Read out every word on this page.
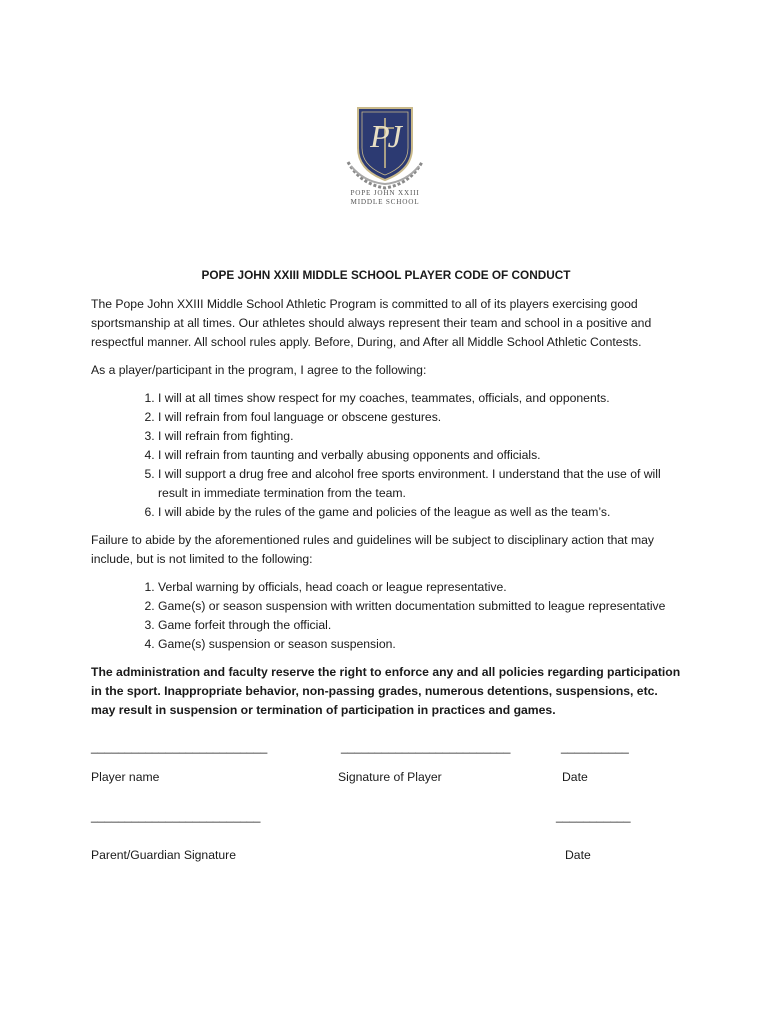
PJ
POPE JOHN XXIII
MIDDLE SCHOOL
POPE JOHN XXIII MIDDLE SCHOOL PLAYER CODE OF CONDUCT

The Pope John XXIII Middle School Athletic Program is committed to all of its players exercising good sportsmanship at all times. Our athletes should always represent their team and school in a positive and respectful manner. All school rules apply. Before, During, and After all Middle School Athletic Contests.

As a player/participant in the program, I agree to the following:

1. I will at all times show respect for my coaches, teammates, officials, and opponents.
2. I will refrain from foul language or obscene gestures.
3. I will refrain from fighting.
4. I will refrain from taunting and verbally abusing opponents and officials.
5. I will support a drug free and alcohol free sports environment. I understand that the use of will result in immediate termination from the team.
6. I will abide by the rules of the game and policies of the league as well as the team’s.

Failure to abide by the aforementioned rules and guidelines will be subject to disciplinary action that may include, but is not limited to the following:

1. Verbal warning by officials, head coach or league representative.
2. Game(s) or season suspension with written documentation submitted to league representative
3. Game forfeit through the official.
4. Game(s) suspension or season suspension.

The administration and faculty reserve the right to enforce any and all policies regarding participation in the sport. Inappropriate behavior, non-passing grades, numerous detentions, suspensions, etc. may result in suspension or termination of participation in practices and games.

__________________________	_________________________	__________
Player name	Signature of Player	Date
_________________________	___________
Parent/Guardian Signature	Date
